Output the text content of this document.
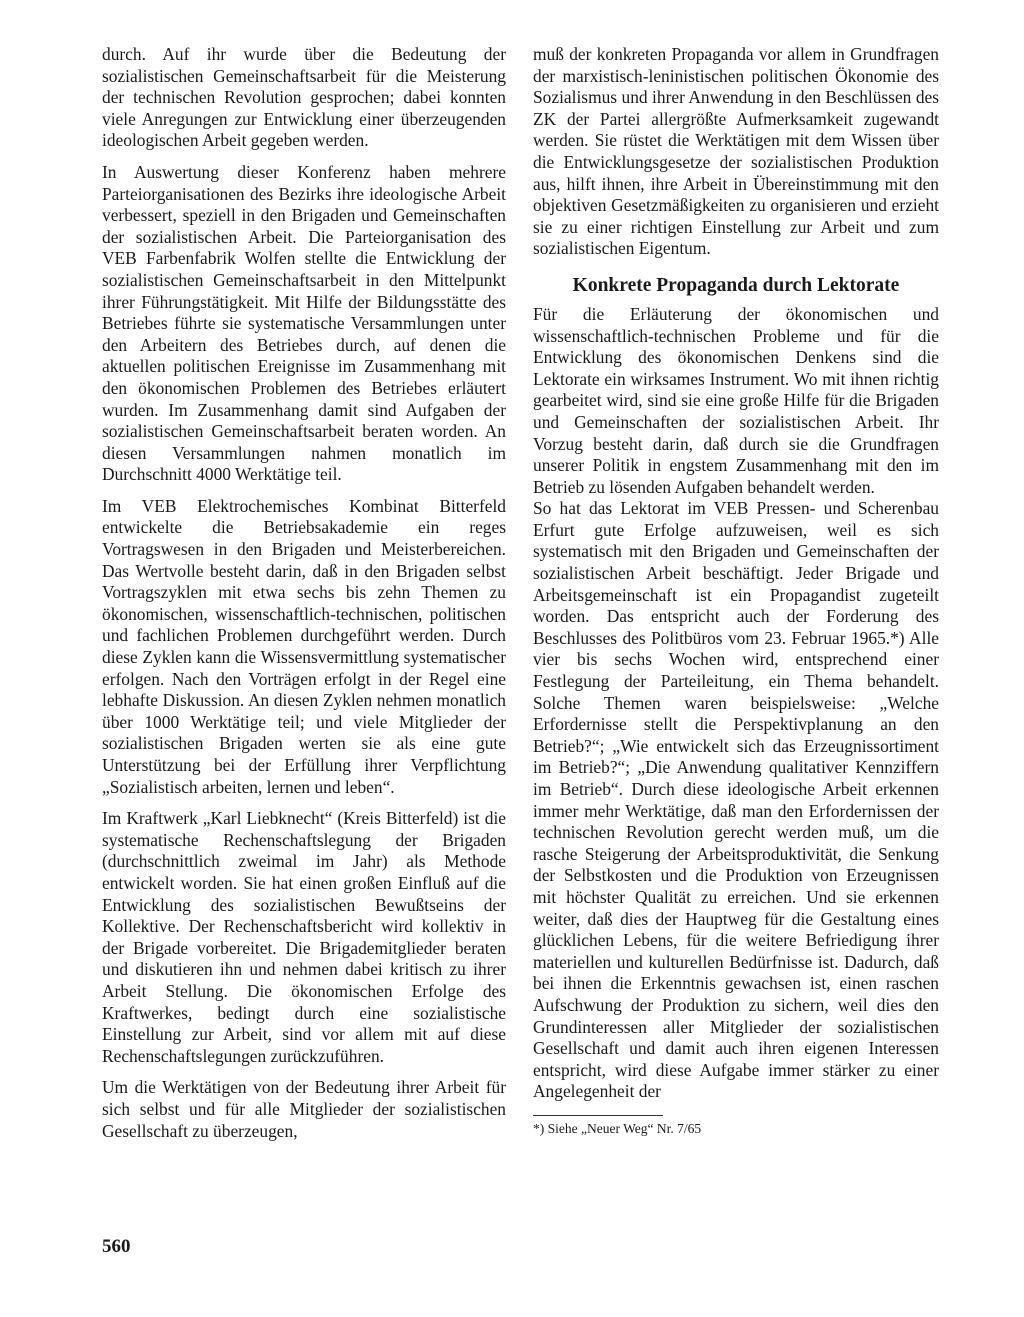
durch. Auf ihr wurde über die Bedeutung der sozialistischen Gemeinschaftsarbeit für die Meisterung der technischen Revolution gesprochen; dabei konnten viele Anregungen zur Entwicklung einer überzeugenden ideologischen Arbeit gegeben werden.

In Auswertung dieser Konferenz haben mehrere Parteiorganisationen des Bezirks ihre ideologische Arbeit verbessert, speziell in den Brigaden und Gemeinschaften der sozialistischen Arbeit. Die Parteiorganisation des VEB Farbenfabrik Wolfen stellte die Entwicklung der sozialistischen Gemeinschaftsarbeit in den Mittelpunkt ihrer Führungstätigkeit. Mit Hilfe der Bildungsstätte des Betriebes führte sie systematische Versammlungen unter den Arbeitern des Betriebes durch, auf denen die aktuellen politischen Ereignisse im Zusammenhang mit den ökonomischen Problemen des Betriebes erläutert wurden. Im Zusammenhang damit sind Aufgaben der sozialistischen Gemeinschaftsarbeit beraten worden. An diesen Versammlungen nahmen monatlich im Durchschnitt 4000 Werktätige teil.

Im VEB Elektrochemisches Kombinat Bitterfeld entwickelte die Betriebsakademie ein reges Vortragswesen in den Brigaden und Meisterbereichen. Das Wertvolle besteht darin, daß in den Brigaden selbst Vortragszyklen mit etwa sechs bis zehn Themen zu ökonomischen, wissenschaftlich-technischen, politischen und fachlichen Problemen durchgeführt werden. Durch diese Zyklen kann die Wissensvermittlung systematischer erfolgen. Nach den Vorträgen erfolgt in der Regel eine lebhafte Diskussion. An diesen Zyklen nehmen monatlich über 1000 Werktätige teil; und viele Mitglieder der sozialistischen Brigaden werten sie als eine gute Unterstützung bei der Erfüllung ihrer Verpflichtung „Sozialistisch arbeiten, lernen und leben“.

Im Kraftwerk „Karl Liebknecht“ (Kreis Bitterfeld) ist die systematische Rechenschaftslegung der Brigaden (durchschnittlich zweimal im Jahr) als Methode entwickelt worden. Sie hat einen großen Einfluß auf die Entwicklung des sozialistischen Bewußtseins der Kollektive. Der Rechenschaftsbericht wird kollektiv in der Brigade vorbereitet. Die Brigademitglieder beraten und diskutieren ihn und nehmen dabei kritisch zu ihrer Arbeit Stellung. Die ökonomischen Erfolge des Kraftwerkes, bedingt durch eine sozialistische Einstellung zur Arbeit, sind vor allem mit auf diese Rechenschaftslegungen zurückzuführen.

Um die Werktätigen von der Bedeutung ihrer Arbeit für sich selbst und für alle Mitglieder der sozialistischen Gesellschaft zu überzeugen,

muß der konkreten Propaganda vor allem in Grundfragen der marxistisch-leninistischen politischen Ökonomie des Sozialismus und ihrer Anwendung in den Beschlüssen des ZK der Partei allergrößte Aufmerksamkeit zugewandt werden. Sie rüstet die Werktätigen mit dem Wissen über die Entwicklungsgesetze der sozialistischen Produktion aus, hilft ihnen, ihre Arbeit in Übereinstimmung mit den objektiven Gesetzmäßigkeiten zu organisieren und erzieht sie zu einer richtigen Einstellung zur Arbeit und zum sozialistischen Eigentum.

Konkrete Propaganda durch Lektorate

Für die Erläuterung der ökonomischen und wissenschaftlich-technischen Probleme und für die Entwicklung des ökonomischen Denkens sind die Lektorate ein wirksames Instrument. Wo mit ihnen richtig gearbeitet wird, sind sie eine große Hilfe für die Brigaden und Gemeinschaften der sozialistischen Arbeit. Ihr Vorzug besteht darin, daß durch sie die Grundfragen unserer Politik in engstem Zusammenhang mit den im Betrieb zu lösenden Aufgaben behandelt werden.

So hat das Lektorat im VEB Pressen- und Scherenbau Erfurt gute Erfolge aufzuweisen, weil es sich systematisch mit den Brigaden und Gemeinschaften der sozialistischen Arbeit beschäftigt. Jeder Brigade und Arbeitsgemeinschaft ist ein Propagandist zugeteilt worden. Das entspricht auch der Forderung des Beschlusses des Politbüros vom 23. Februar 1965.*) Alle vier bis sechs Wochen wird, entsprechend einer Festlegung der Parteileitung, ein Thema behandelt. Solche Themen waren beispielsweise: „Welche Erfordernisse stellt die Perspektivplanung an den Betrieb?“; „Wie entwickelt sich das Erzeugnissortiment im Betrieb?“; „Die Anwendung qualitativer Kennziffern im Betrieb“. Durch diese ideologische Arbeit erkennen immer mehr Werktätige, daß man den Erfordernissen der technischen Revolution gerecht werden muß, um die rasche Steigerung der Arbeitsproduktivität, die Senkung der Selbstkosten und die Produktion von Erzeugnissen mit höchster Qualität zu erreichen. Und sie erkennen weiter, daß dies der Hauptweg für die Gestaltung eines glücklichen Lebens, für die weitere Befriedigung ihrer materiellen und kulturellen Bedürfnisse ist. Dadurch, daß bei ihnen die Erkenntnis gewachsen ist, einen raschen Aufschwung der Produktion zu sichern, weil dies den Grundinteressen aller Mitglieder der sozialistischen Gesellschaft und damit auch ihren eigenen Interessen entspricht, wird diese Aufgabe immer stärker zu einer Angelegenheit der

*) Siehe „Neuer Weg“ Nr. 7/65

560
